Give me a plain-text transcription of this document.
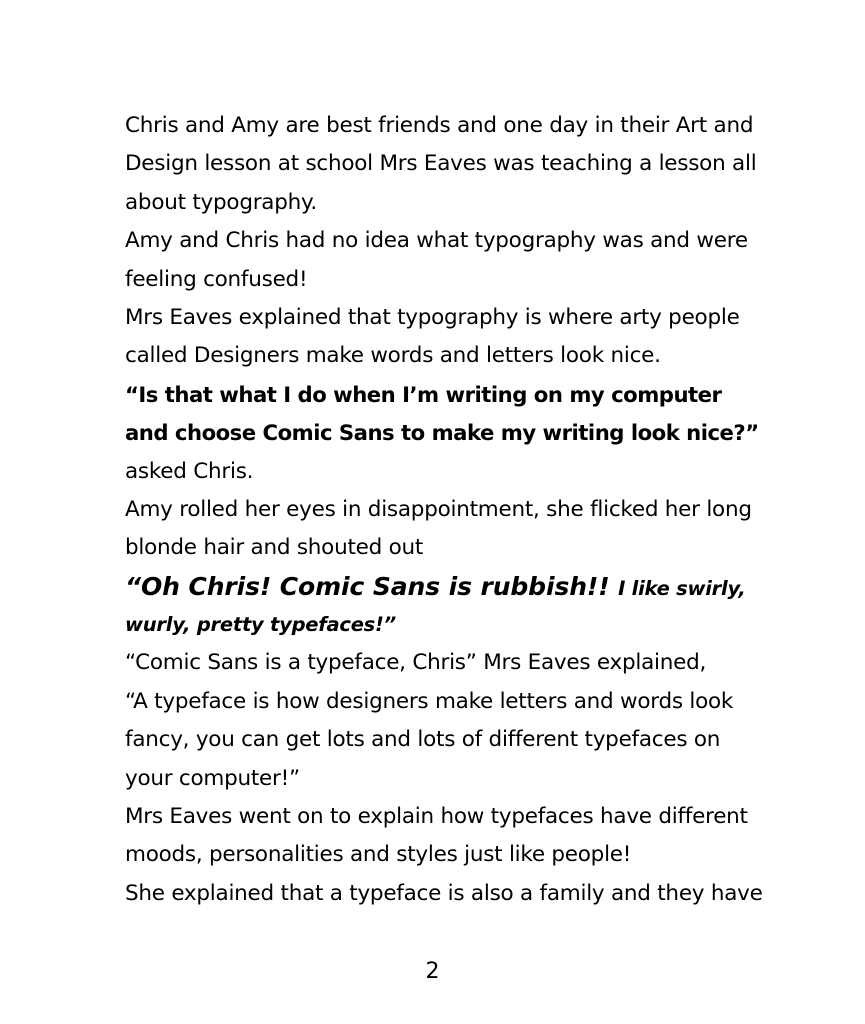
Chris and Amy are best friends and one day in their Art and
Design lesson at school Mrs Eaves was teaching a lesson all
about typography.
Amy and Chris had no idea what typography was and were
feeling confused!
Mrs Eaves explained that typography is where arty people
called Designers make words and letters look nice.
“Is that what I do when I’m writing on my computer
and choose Comic Sans to make my writing look nice?”
asked Chris.
Amy rolled her eyes in disappointment, she flicked her long
blonde hair and shouted out
“Oh Chris! Comic Sans is rubbish!! I like swirly,
wurly, pretty typefaces!”
“Comic Sans is a typeface, Chris” Mrs Eaves explained,
“A typeface is how designers make letters and words look
fancy, you can get lots and lots of different typefaces on
your computer!”
Mrs Eaves went on to explain how typefaces have different
moods, personalities and styles just like people!
She explained that a typeface is also a family and they have
2
